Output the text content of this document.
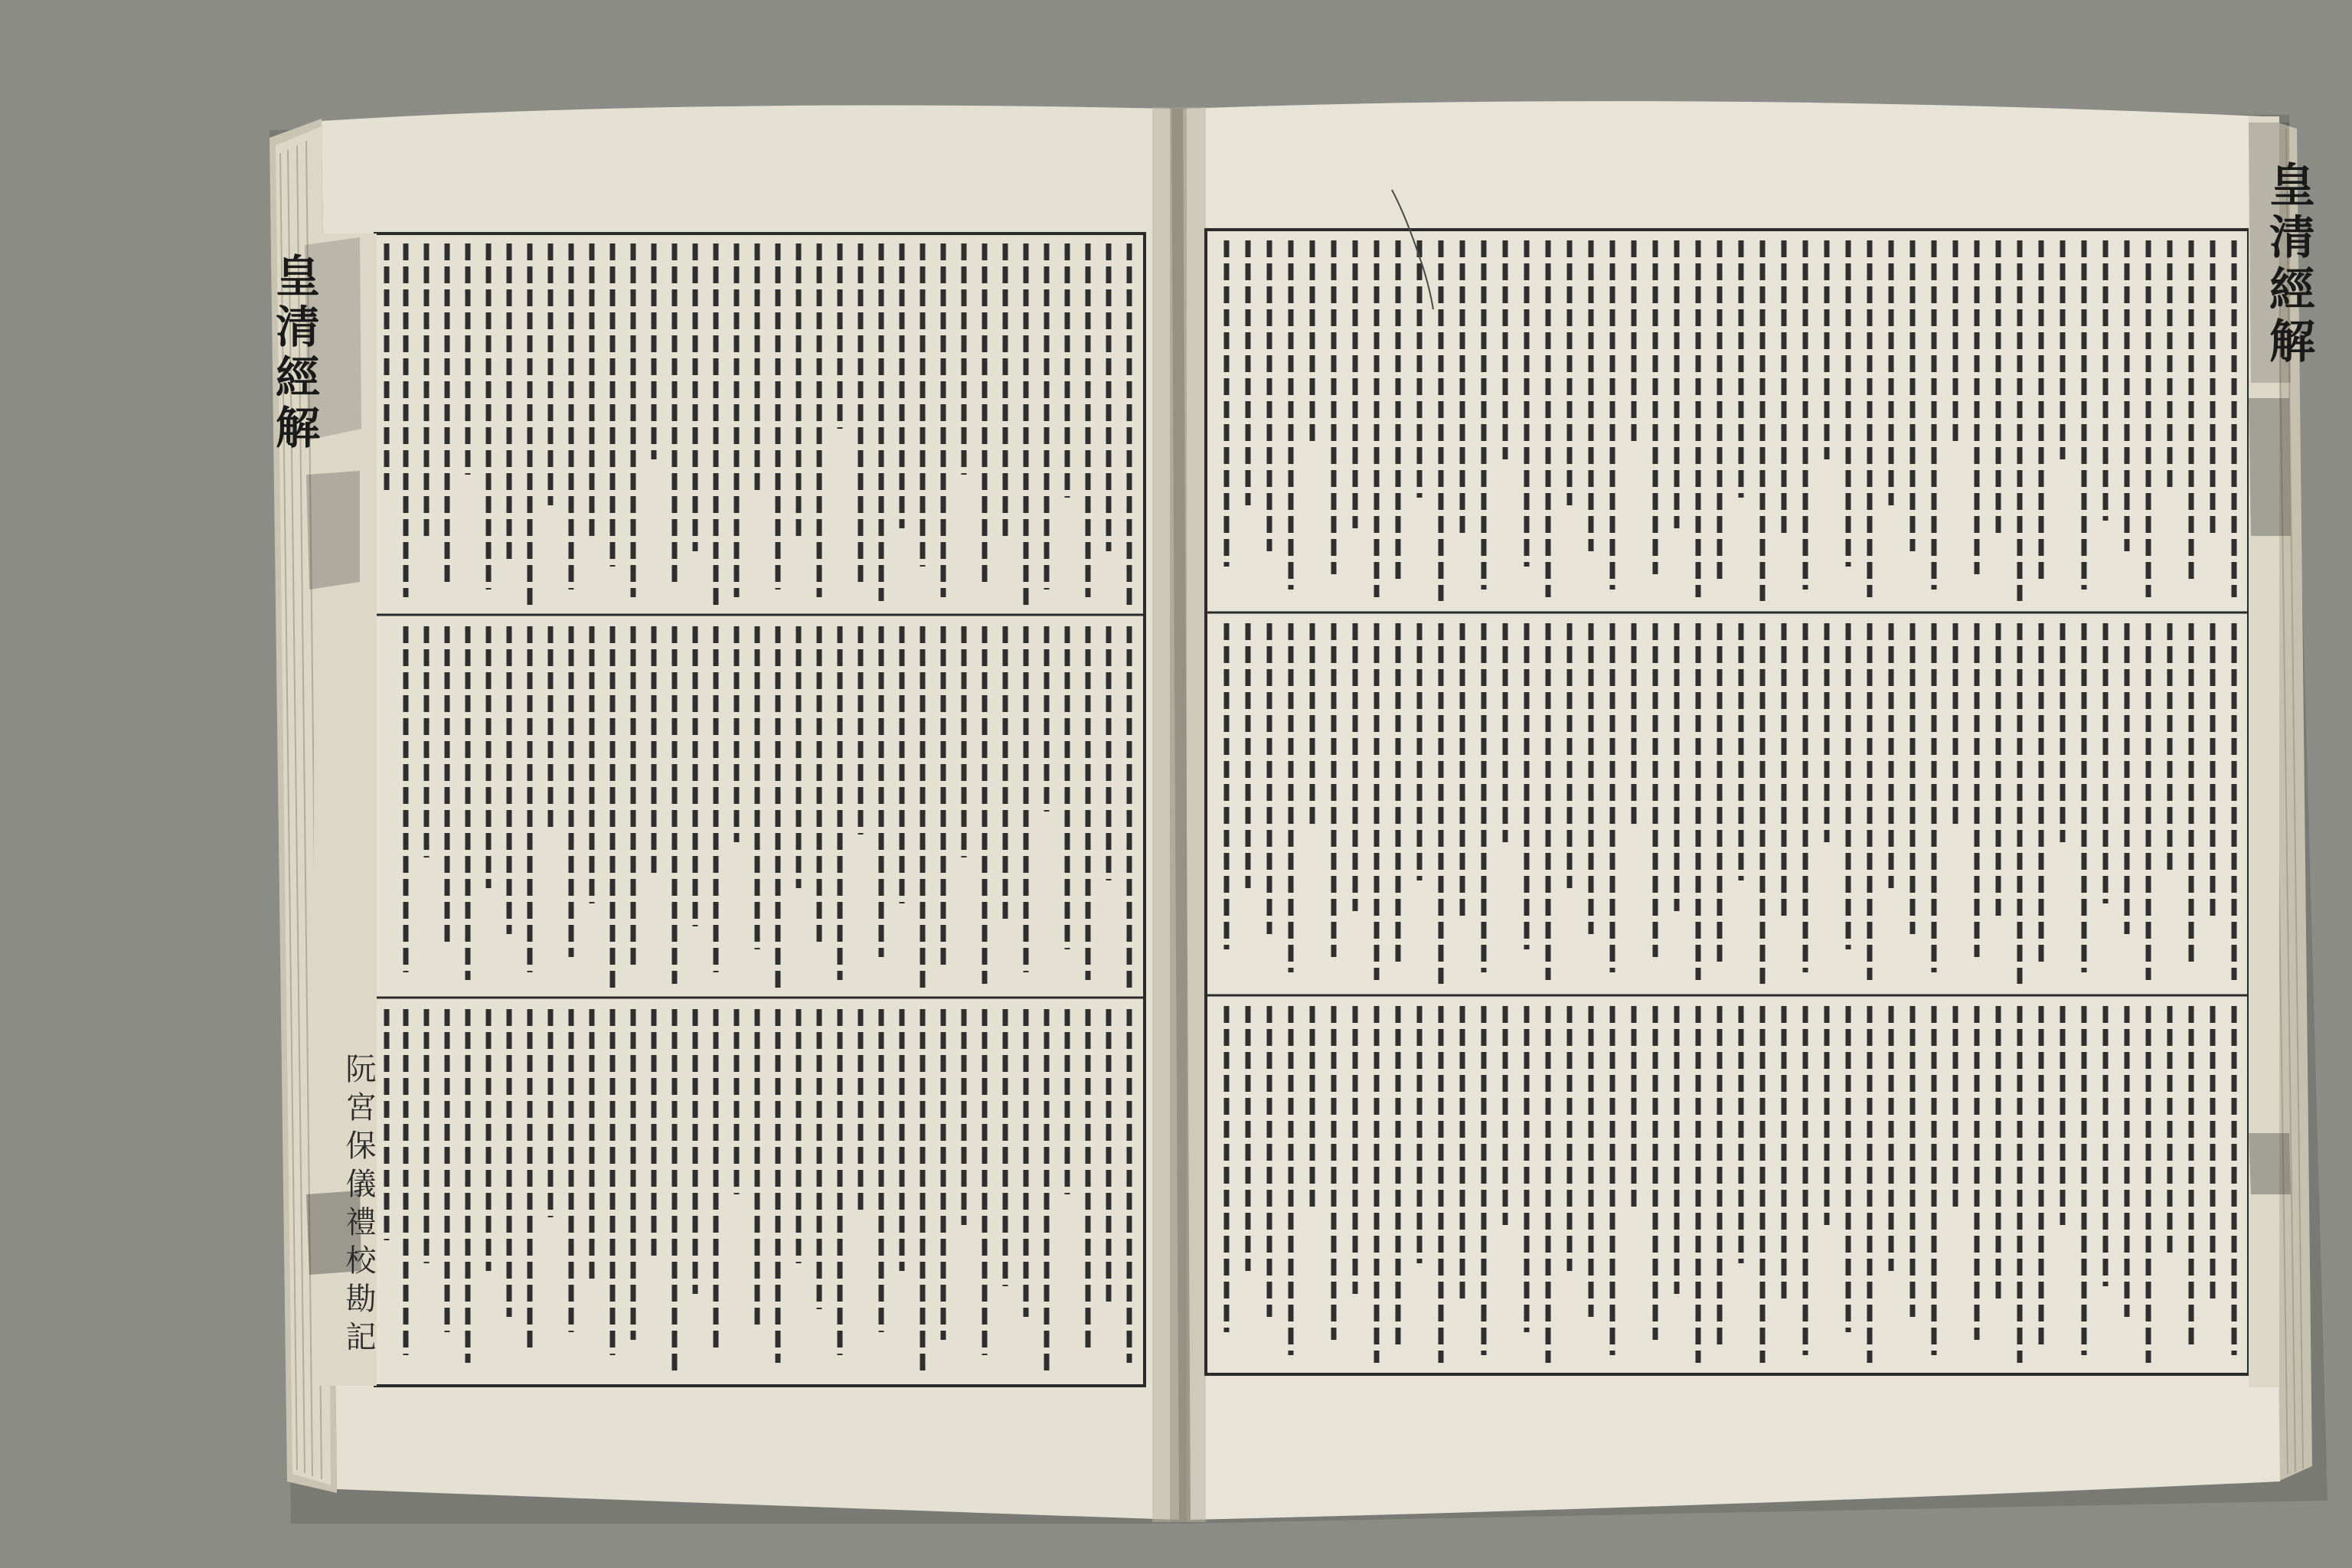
皇清經解	皇清經解
阮宮保儀禮校勘記
